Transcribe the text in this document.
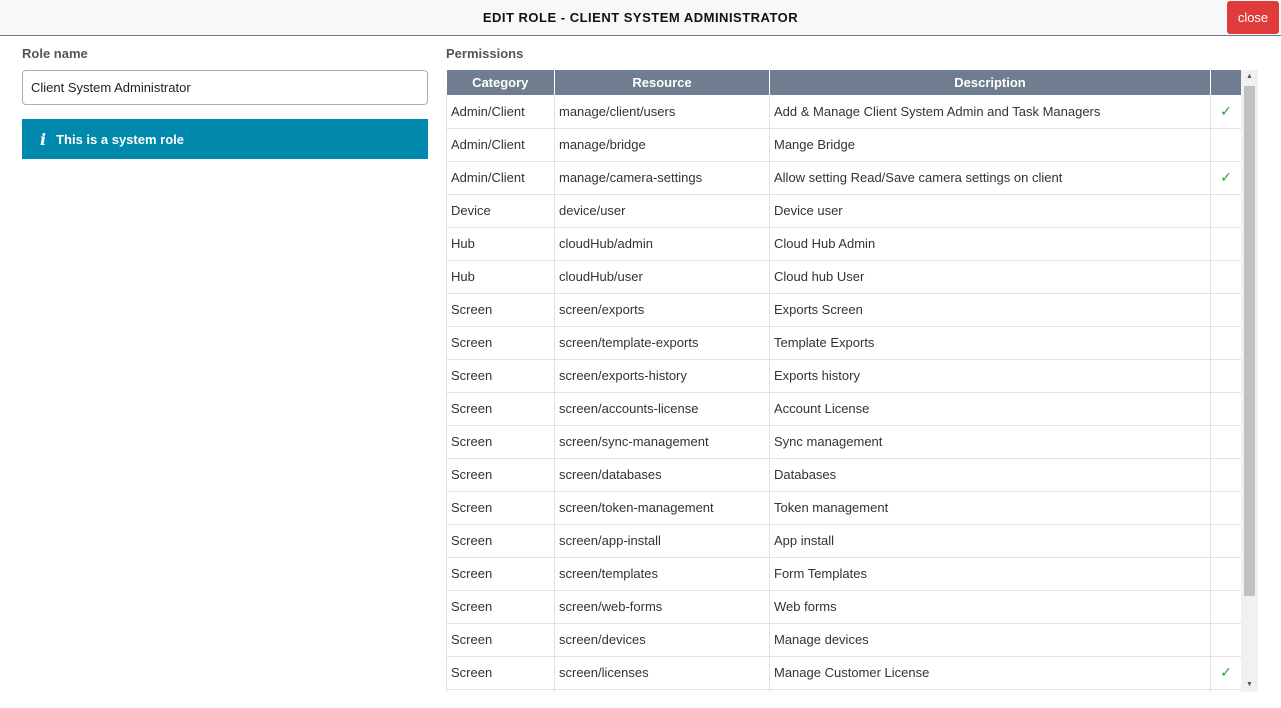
EDIT ROLE - CLIENT SYSTEM ADMINISTRATOR	close
Role name
Client System Administrator
i This is a system role
Permissions
Category	Resource	Description	
Admin/Client	manage/client/users	Add & Manage Client System Admin and Task Managers	✓
Admin/Client	manage/bridge	Mange Bridge	
Admin/Client	manage/camera-settings	Allow setting Read/Save camera settings on client	✓
Device	device/user	Device user	
Hub	cloudHub/admin	Cloud Hub Admin	
Hub	cloudHub/user	Cloud hub User	
Screen	screen/exports	Exports Screen	
Screen	screen/template-exports	Template Exports	
Screen	screen/exports-history	Exports history	
Screen	screen/accounts-license	Account License	
Screen	screen/sync-management	Sync management	
Screen	screen/databases	Databases	
Screen	screen/token-management	Token management	
Screen	screen/app-install	App install	
Screen	screen/templates	Form Templates	
Screen	screen/web-forms	Web forms	
Screen	screen/devices	Manage devices	
Screen	screen/licenses	Manage Customer License	✓

▲
▼
